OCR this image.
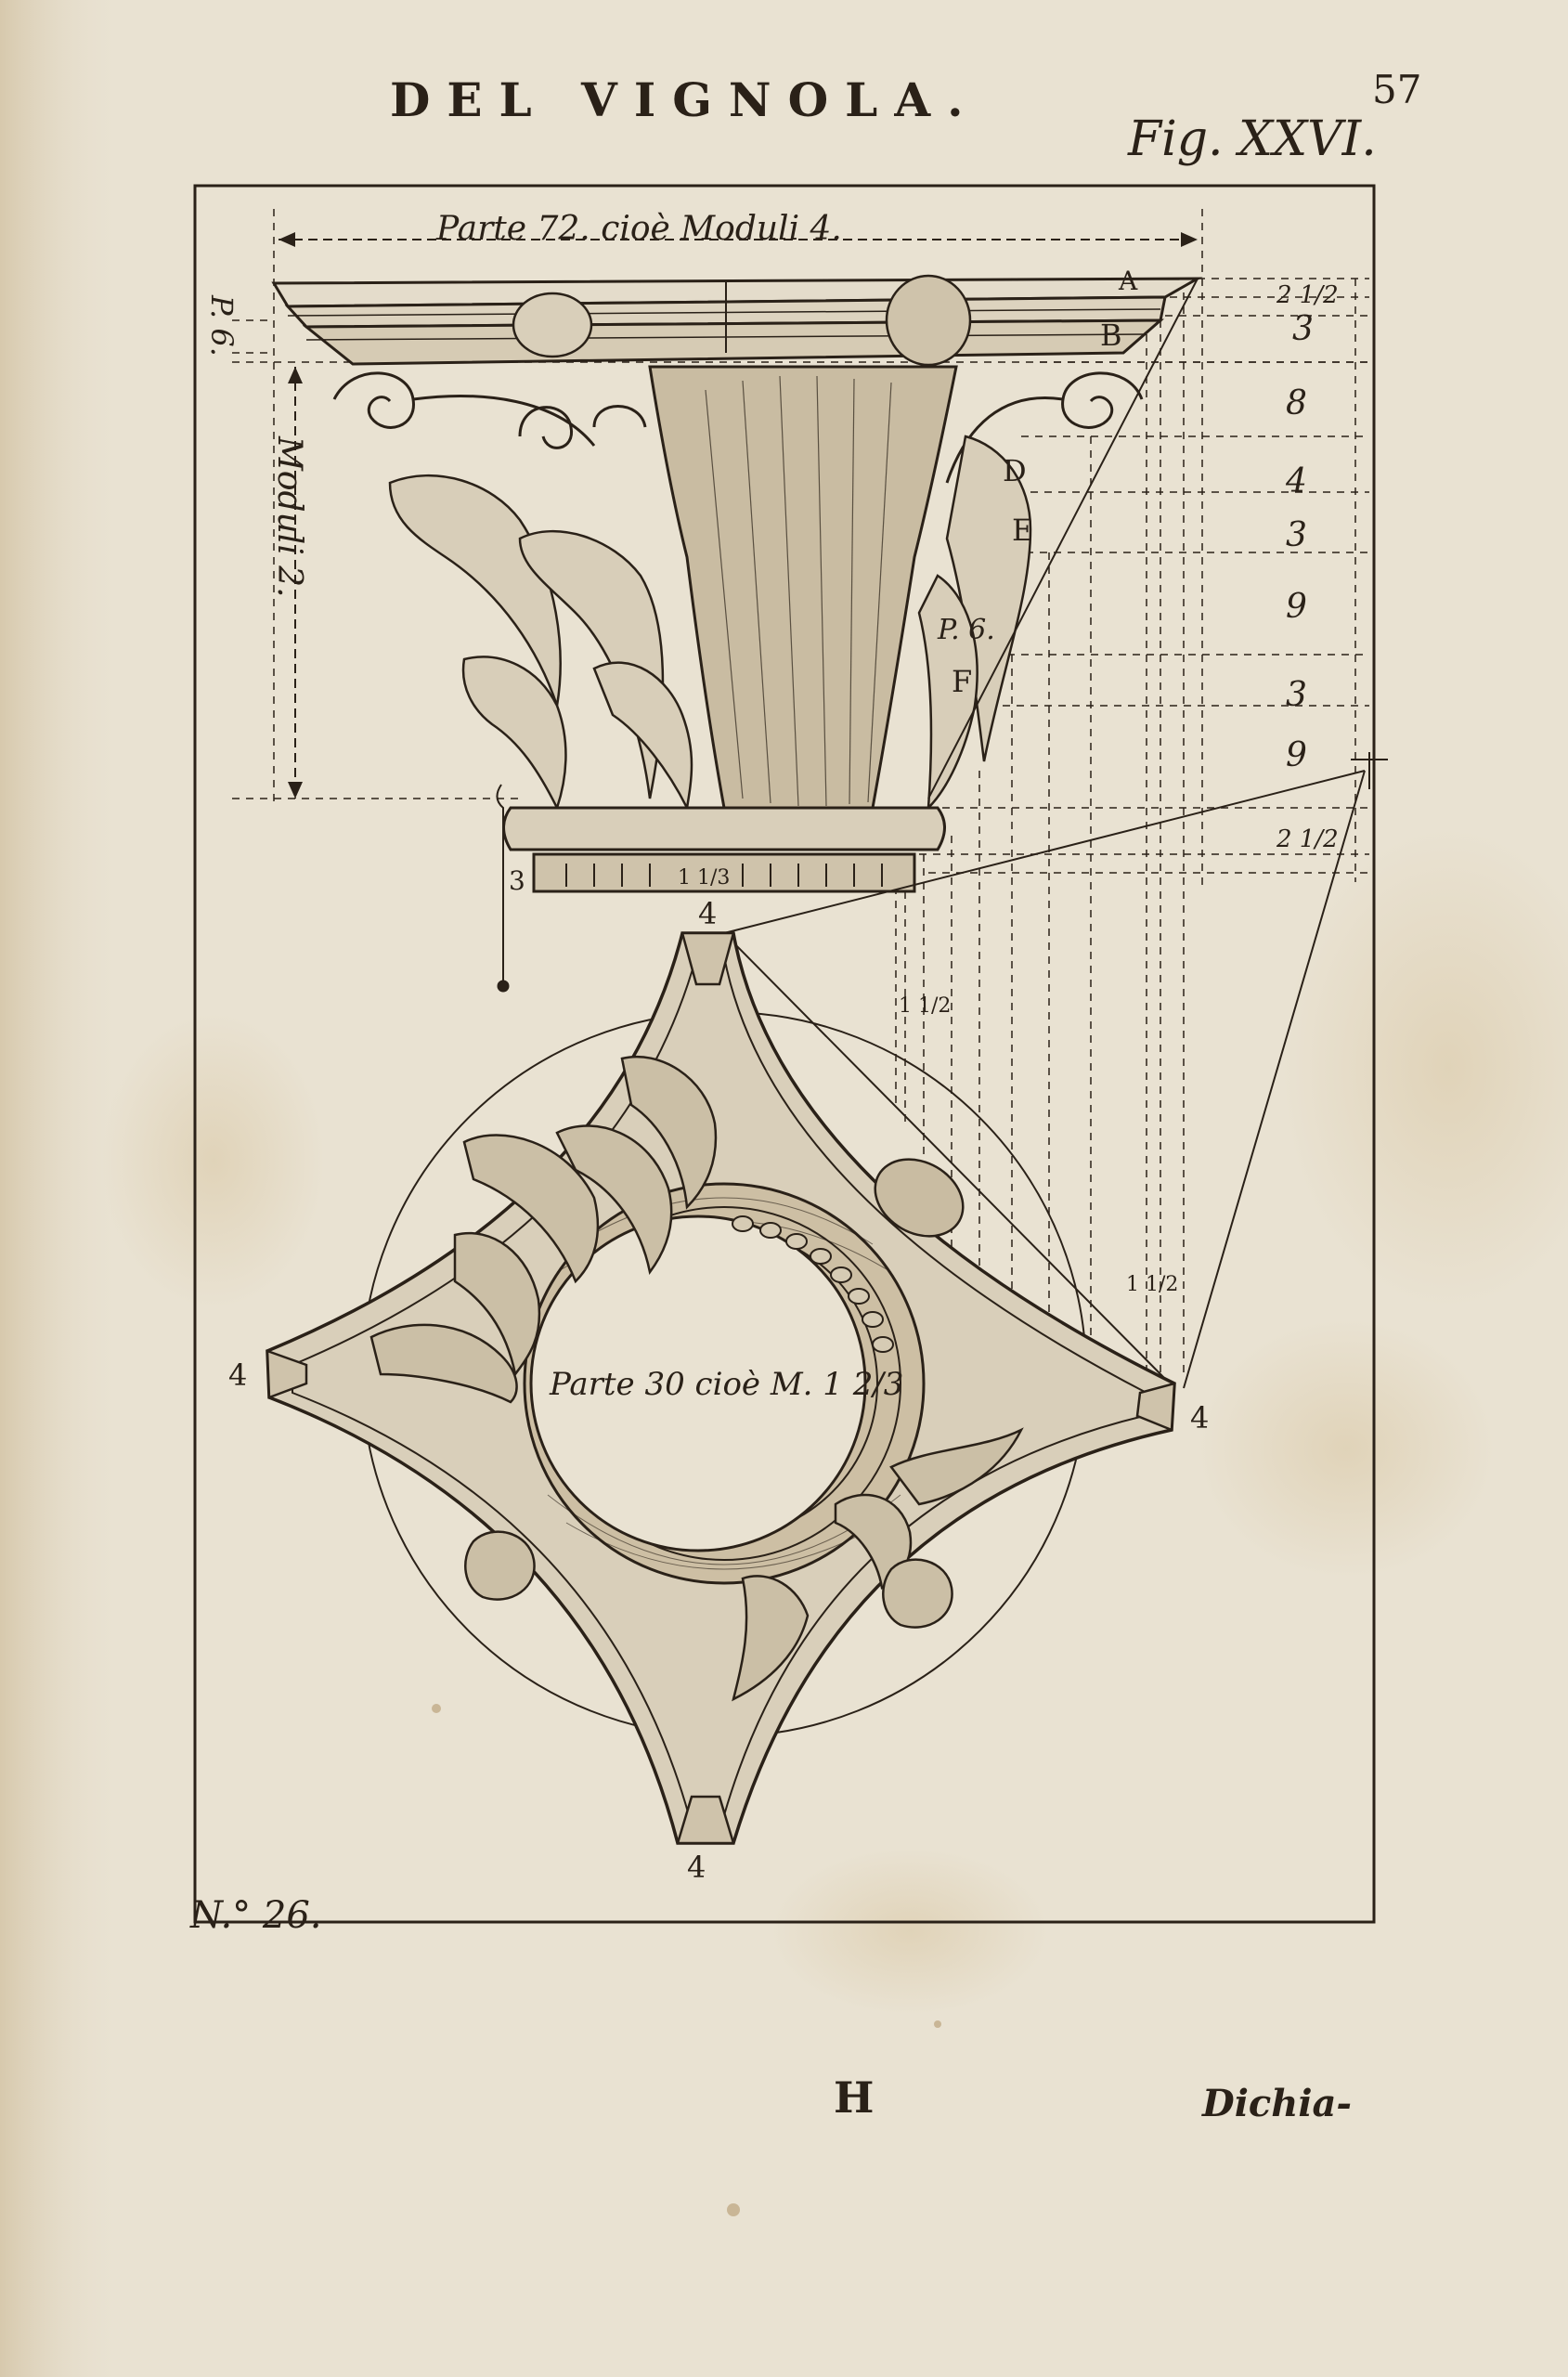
DEL VIGNOLA.	57
Fig. XXVI.
Parte 72. cioè Moduli 4.
Moduli 2.
P. 6.
P. 6.
Parte 30 cioè M. 1 2/3
A
B
D
E
F
2 1/2
3
8
4
3
9
3
9
2 1/2
4
4
4
4
3	1 1/3
1 1/2
1 1/2
N.° 26.
H	Dichia-
